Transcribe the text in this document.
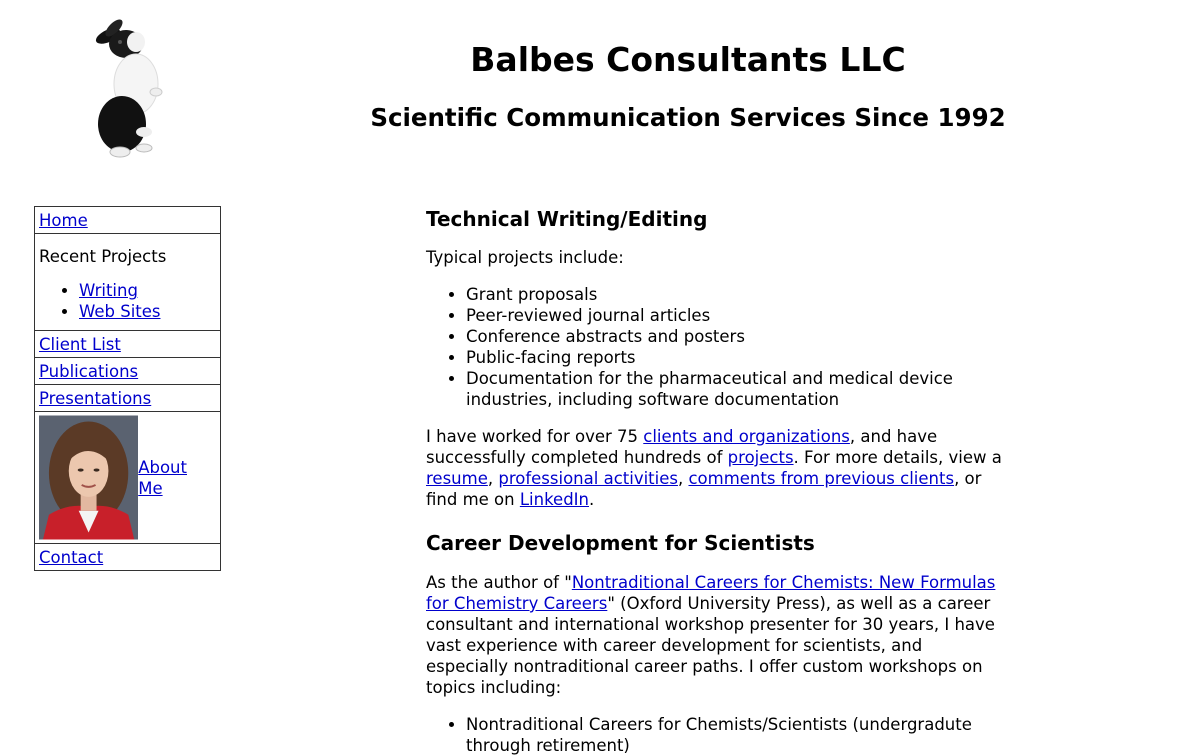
Balbes Consultants LLC
Scientific Communication Services Since 1992
Home
Recent Projects
• Writing
• Web Sites

Client List
Publications
Presentations

About Me

Contact
Technical Writing/Editing

Typical projects include:

• Grant proposals
• Peer-reviewed journal articles
• Conference abstracts and posters
• Public-facing reports
• Documentation for the pharmaceutical and medical device industries, including software documentation

I have worked for over 75 clients and organizations, and have successfully completed hundreds of projects. For more details, view a resume, professional activities, comments from previous clients, or find me on LinkedIn.

Career Development for Scientists

As the author of "Nontraditional Careers for Chemists: New Formulas for Chemistry Careers" (Oxford University Press), as well as a career consultant and international workshop presenter for 30 years, I have vast experience with career development for scientists, and especially nontraditional career paths. I offer custom workshops on topics including:

• Nontraditional Careers for Chemists/Scientists (undergradute through retirement)
